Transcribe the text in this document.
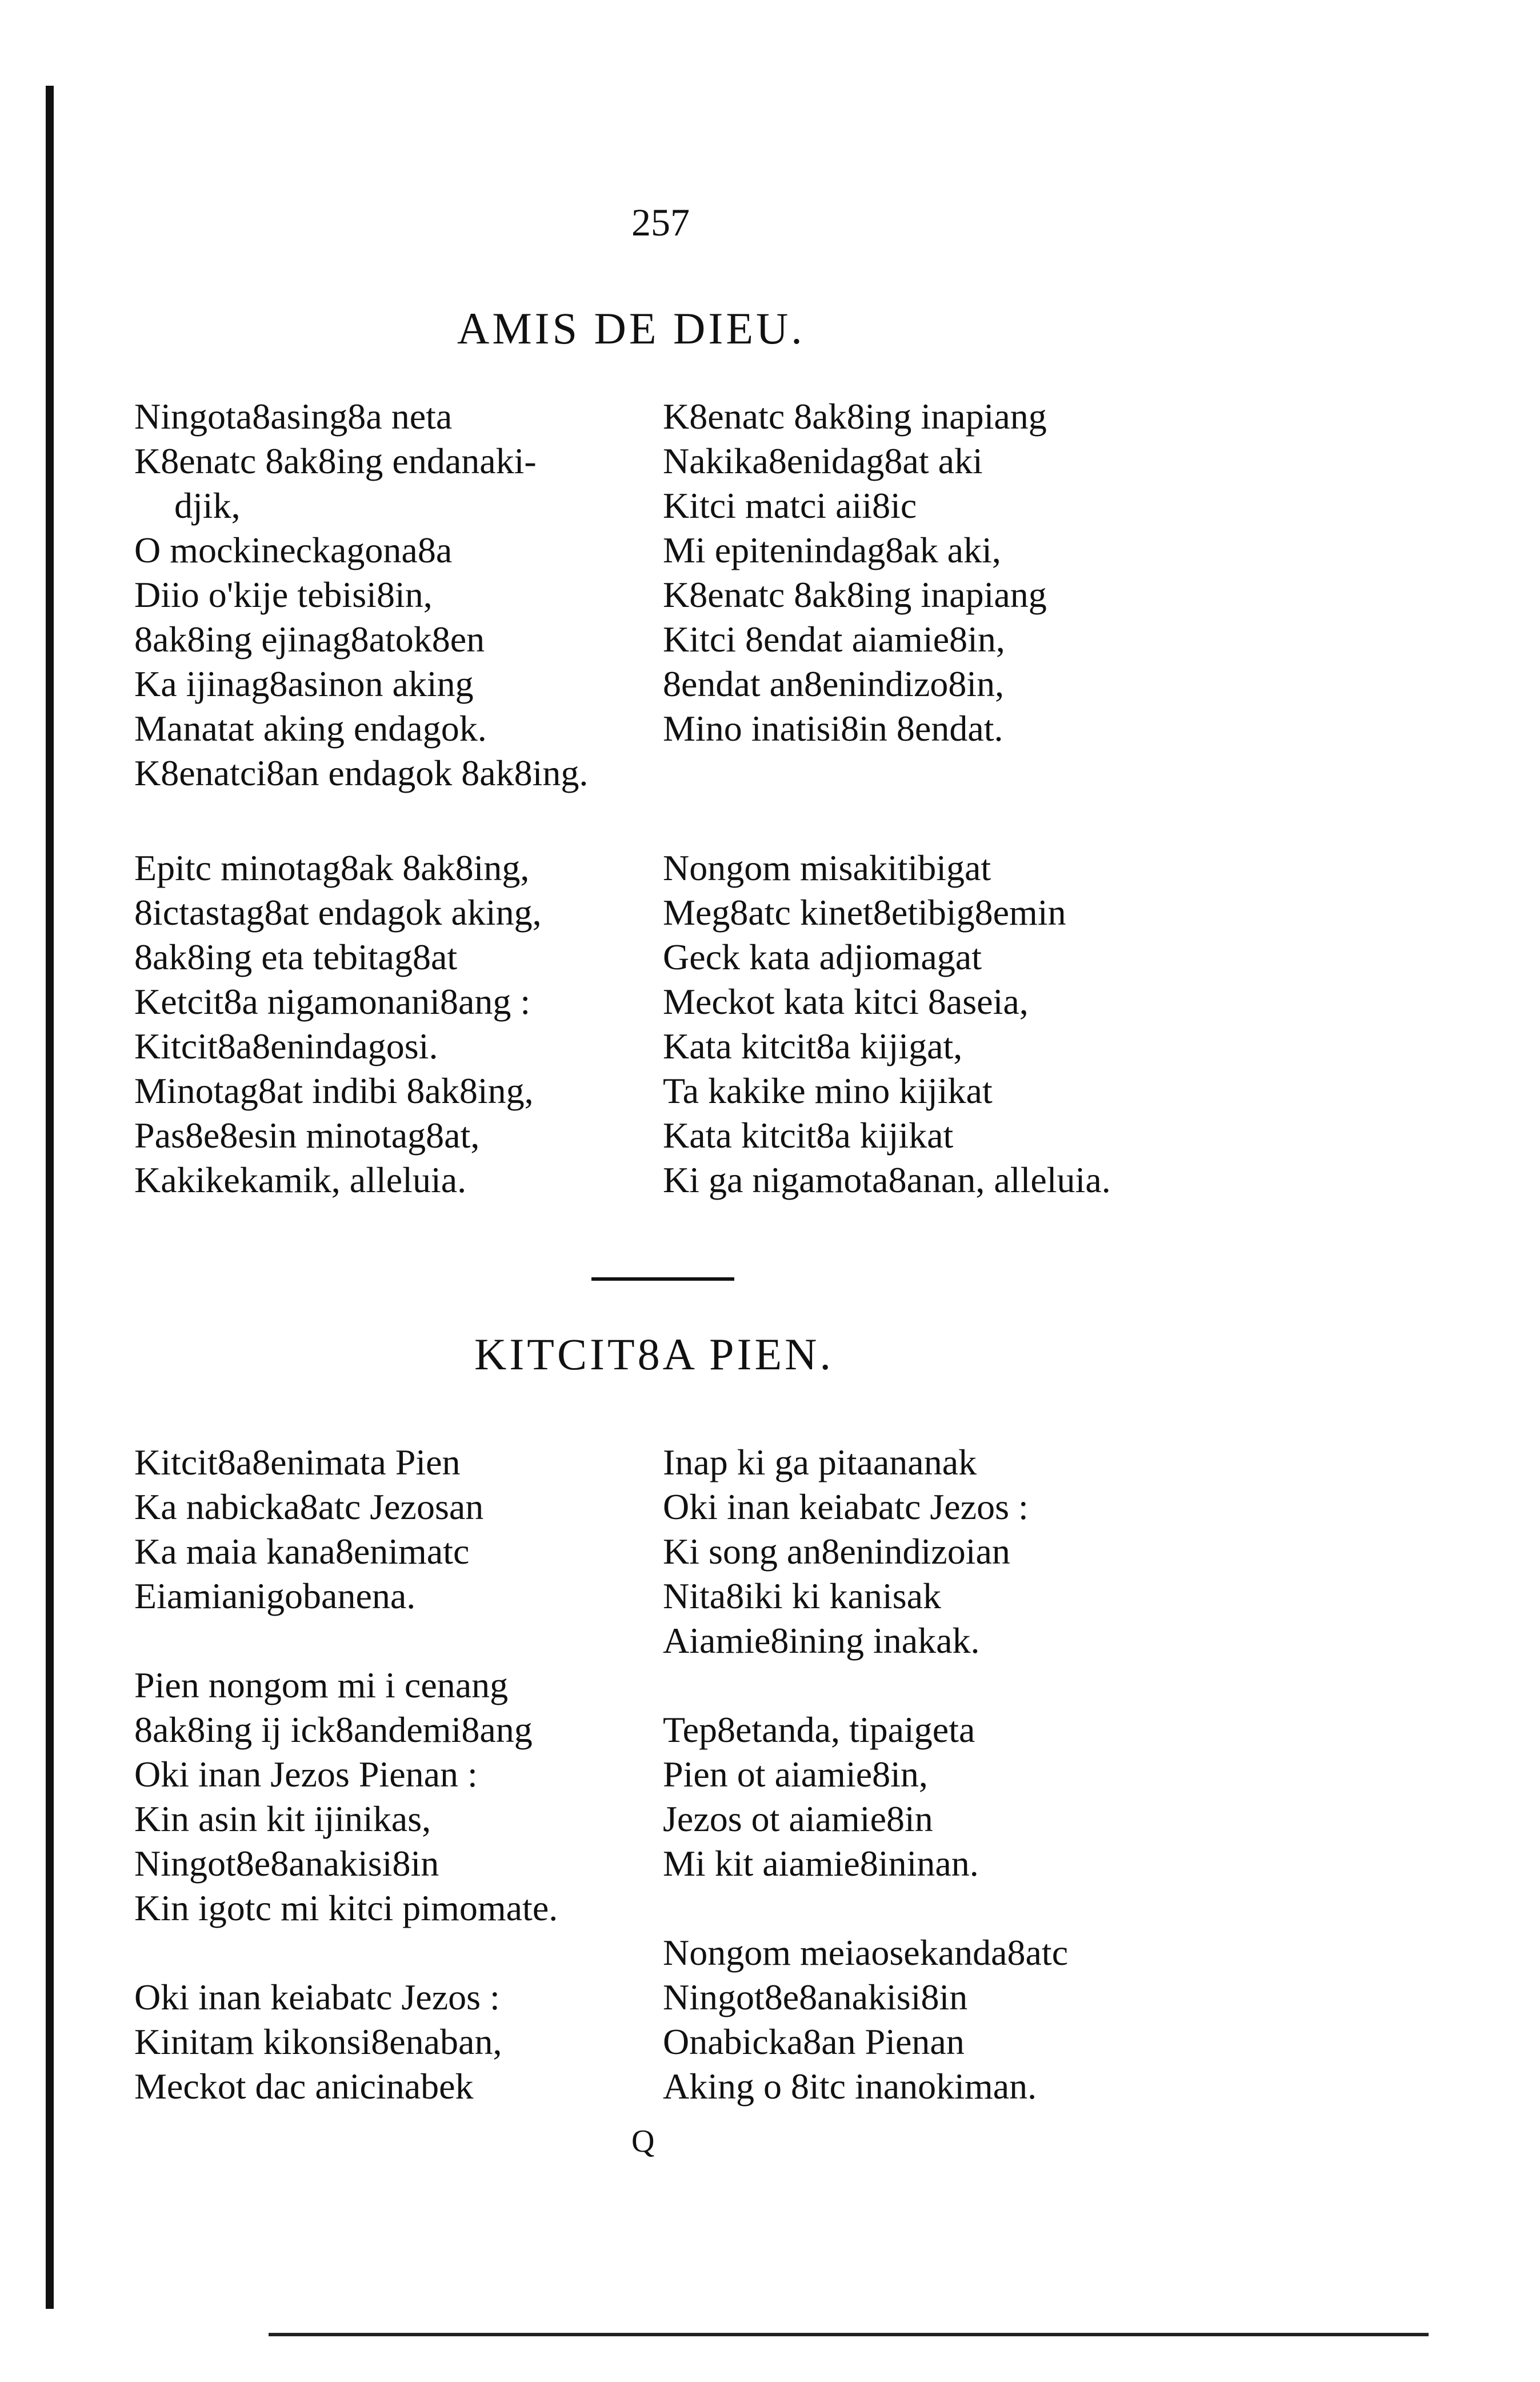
257
AMIS DE DIEU.
Ningota8asing8a neta
K8enatc 8ak8ing endanaki-
djik,
O mockineckagona8a
Diio o'kije tebisi8in,
8ak8ing ejinag8atok8en
Ka ijinag8asinon aking
Manatat aking endagok.
K8enatci8an endagok 8ak8ing.
K8enatc 8ak8ing inapiang
Nakika8enidag8at aki
Kitci matci aii8ic
Mi epitenindag8ak aki,
K8enatc 8ak8ing inapiang
Kitci 8endat aiamie8in,
8endat an8enindizo8in,
Mino inatisi8in 8endat.
Epitc minotag8ak 8ak8ing,
8ictastag8at endagok aking,
8ak8ing eta tebitag8at
Ketcit8a nigamonani8ang :
Kitcit8a8enindagosi.
Minotag8at indibi 8ak8ing,
Pas8e8esin minotag8at,
Kakikekamik, alleluia.
Nongom misakitibigat
Meg8atc kinet8etibig8emin
Geck kata adjiomagat
Meckot kata kitci 8aseia,
Kata kitcit8a kijigat,
Ta kakike mino kijikat
Kata kitcit8a kijikat
Ki ga nigamota8anan, alleluia.
KITCIT8A PIEN.
Kitcit8a8enimata Pien
Ka nabicka8atc Jezosan
Ka maia kana8enimatc
Eiamianigobanena.
Pien nongom mi i cenang
8ak8ing ij ick8andemi8ang
Oki inan Jezos Pienan :
Kin asin kit ijinikas,
Ningot8e8anakisi8in
Kin igotc mi kitci pimomate.
Oki inan keiabatc Jezos :
Kinitam kikonsi8enaban,
Meckot dac anicinabek
Inap ki ga pitaananak
Oki inan keiabatc Jezos :
Ki song an8enindizoian
Nita8iki ki kanisak
Aiamie8ining inakak.
Tep8etanda, tipaigeta
Pien ot aiamie8in,
Jezos ot aiamie8in
Mi kit aiamie8ininan.
Nongom meiaosekanda8atc
Ningot8e8anakisi8in
Onabicka8an Pienan
Aking o 8itc inanokiman.
Q
